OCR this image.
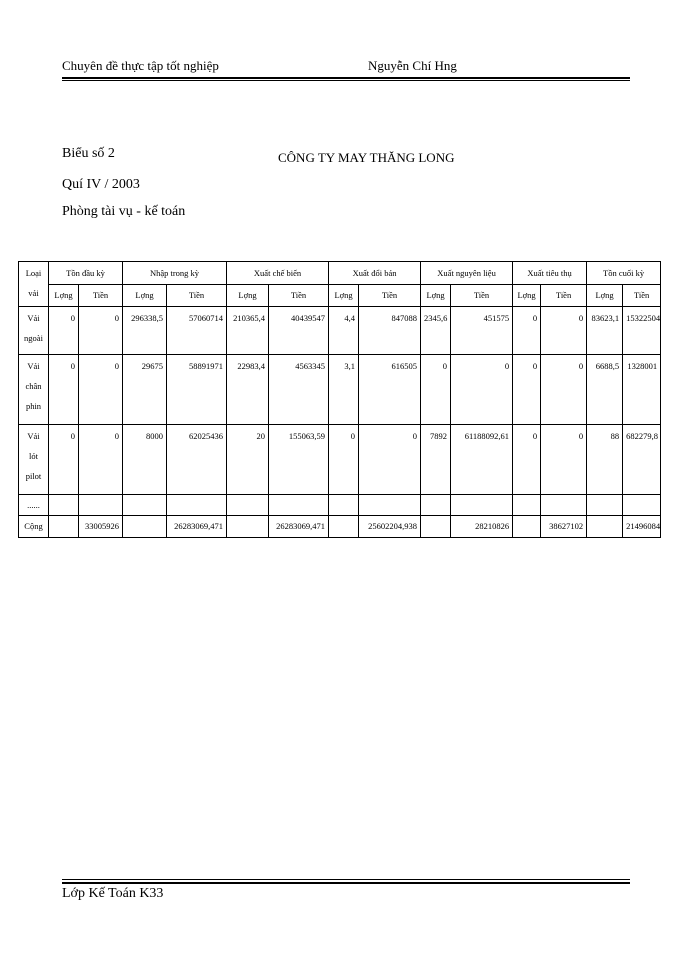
Chuyên đề thực tập tốt nghiệp	Nguyễn Chí Hng
Biểu số 2	CÔNG TY MAY THĂNG LONG
Quí IV / 2003
Phòng tài vụ - kế toán
Loại
vải	Tồn đầu kỳ		Nhập trong kỳ		Xuất chế biến		Xuất đổi bán		Xuất nguyên liệu		Xuất tiêu thụ		Tồn cuối kỳ	
	Lợng	Tiền	Lợng	Tiền	Lợng	Tiền	Lợng	Tiền	Lợng	Tiền	Lợng	Tiền	Lợng	Tiền

Vải
ngoài	0	0	296338,5	57060714	210365,4	40439547	4,4	847088	2345,6	451575	0	0	83623,1	15322504

Vải
chân
phin	0	0	29675	58891971	22983,4	4563345	3,1	616505	0	0	0	0	6688,5	1328001

Vải
lót
pilot	0	0	8000	62025436	20	155063,59	0	0	7892	61188092,61	0	0	88	682279,8
......														
Cộng		33005926		26283069,471		26283069,471		25602204,938		28210826		38627102		21496084
Lớp Kế Toán K33
